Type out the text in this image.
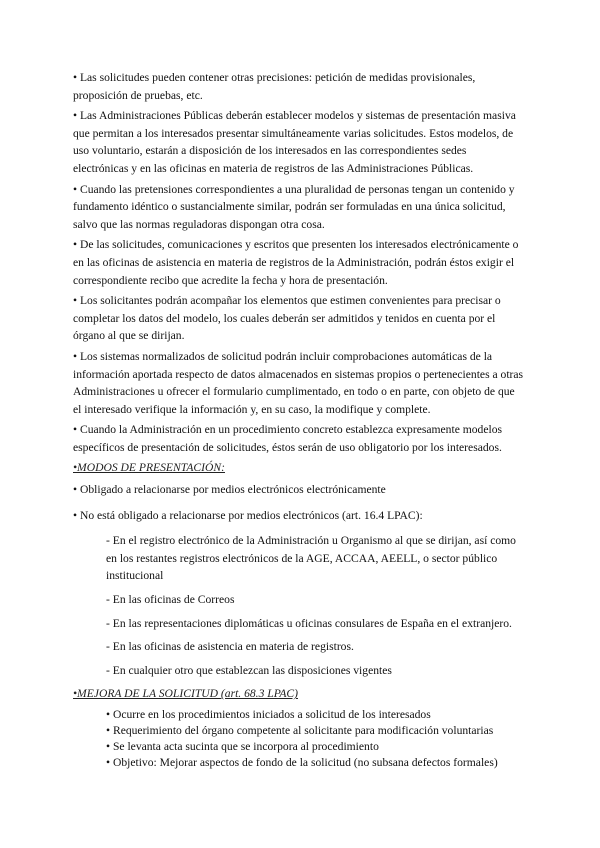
• Las solicitudes pueden contener otras precisiones: petición de medidas provisionales, proposición de pruebas, etc.

• Las Administraciones Públicas deberán establecer modelos y sistemas de presentación masiva que permitan a los interesados presentar simultáneamente varias solicitudes. Estos modelos, de uso voluntario, estarán a disposición de los interesados en las correspondientes sedes electrónicas y en las oficinas en materia de registros de las Administraciones Públicas.

• Cuando las pretensiones correspondientes a una pluralidad de personas tengan un contenido y fundamento idéntico o sustancialmente similar, podrán ser formuladas en una única solicitud, salvo que las normas reguladoras dispongan otra cosa.

• De las solicitudes, comunicaciones y escritos que presenten los interesados electrónicamente o en las oficinas de asistencia en materia de registros de la Administración, podrán éstos exigir el correspondiente recibo que acredite la fecha y hora de presentación.

• Los solicitantes podrán acompañar los elementos que estimen convenientes para precisar o completar los datos del modelo, los cuales deberán ser admitidos y tenidos en cuenta por el órgano al que se dirijan.

• Los sistemas normalizados de solicitud podrán incluir comprobaciones automáticas de la información aportada respecto de datos almacenados en sistemas propios o pertenecientes a otras Administraciones u ofrecer el formulario cumplimentado, en todo o en parte, con objeto de que el interesado verifique la información y, en su caso, la modifique y complete.

• Cuando la Administración en un procedimiento concreto establezca expresamente modelos específicos de presentación de solicitudes, éstos serán de uso obligatorio por los interesados.

•MODOS DE PRESENTACIÓN:

• Obligado a relacionarse por medios electrónicos electrónicamente

• No está obligado a relacionarse por medios electrónicos (art. 16.4 LPAC):

- En el registro electrónico de la Administración u Organismo al que se dirijan, así como en los restantes registros electrónicos de la AGE, ACCAA, AEELL, o sector público institucional

- En las oficinas de Correos

- En las representaciones diplomáticas u oficinas consulares de España en el extranjero.

- En las oficinas de asistencia en materia de registros.

- En cualquier otro que establezcan las disposiciones vigentes

•MEJORA DE LA SOLICITUD (art. 68.3 LPAC)

• Ocurre en los procedimientos iniciados a solicitud de los interesados

• Requerimiento del órgano competente al solicitante para modificación voluntarias

• Se levanta acta sucinta que se incorpora al procedimiento

• Objetivo: Mejorar aspectos de fondo de la solicitud (no subsana defectos formales)
